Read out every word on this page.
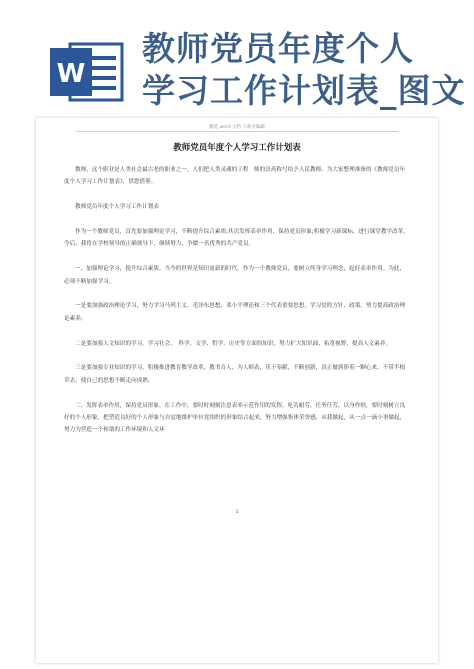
W
教师党员年度个人
学习工作计划表_图文
精选 word 文档 下载可编辑
教师党员年度个人学习工作计划表

教师，这个职业是人类社会最古老的职业之一。人们把人类灵魂的工程　师的崇高称号给予人民教师。为大家整理准备的《教师党员年度个人学习工作计划表》，供您借鉴。

教师党员年度个人学习工作计划表

作为一个教师党员，首先要加强理论学习，不断提升综合素质;其次发挥表率作用，保持党员形象;积极学习新课标，进行课堂教学改革。今后，我将在学校领导的正确领导下，继续努力，争做一名优秀的共产党员。

一、加强理论学习，提升综合素质。当今的世界是知识更新的时代，作为一个教师党员，要树立终身学习理念，起好表率作用。为此，必须不断加强学习。

一是要加强政治理论学习，努力学习马列主义、毛泽东思想、邓小平理论和三个代表重要思想，学习党的方针、政策，努力提高政治理论素养;

二是要加强人文知识的学习。学习社会、　科学、文学、哲学、历史等方面的知识，努力扩大知识面，拓宽视野，提高人文素养。

三是要加强专业知识的学习，积极推进教育教学改革，教书育人，为人师表，乐于奉献，不断创新，真正做到俸着一颗心来，不带半根草去，使自己的思想不断走向成熟。

二、发挥表率作用，保持党员形象。在工作中，要时时刻刻注意表率示范作用的发挥，吃苦耐劳，任务任劳，以身作则，要时刻树立良好的个人形象，把塑造良好的个人形象与自觉地维护单位党组织的形象结合起来，努力增强集体荣誉感，从我做起，从一点一滴小事做起，努力为营造一个和谐的工作环境和人文环

1
